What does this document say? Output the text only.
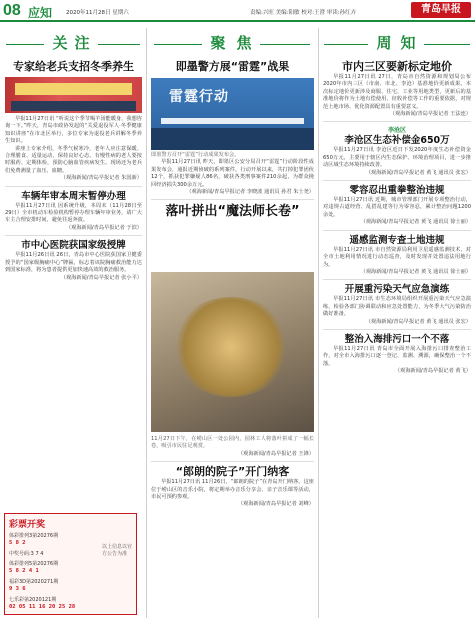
08 应知	2020年11月28日 星期六	责编:兴旺 美编:阳敏 校对:王澄 审读:孙红卉	青岛早报
关 注	聚 焦	周 知
专家给老兵支招冬季养生

早报11月27日讯 “听说这个季节喝羊汤能暖身，我想咨询一下。”昨天，青岛市政协发起的“关爱退役军人·冬季健康知识讲座”在市北区举行，多位专家为退役老兵讲解冬季养生知识。

讲座上专家介绍，冬季气候寒冷，老年人应注意保暖、合理膳食、适量运动，保持良好心态。有慢性病的老人要按时服药、定期体检，预防心脑血管疾病发生。现场还为老兵们免费测量了血压、血糖。

（观海新闻/青岛早报记者 朱国新）

车辆年审本周末暂停办理

早报11月27日讯 因系统升级，本周末（11月28日至29日）全市机动车检验机构暂停办理车辆年审业务，请广大车主合理安排时间，避免往返奔波。

（观海新闻/青岛早报记者 于滨）

市中心医院获国家级授牌

早报11月26日讯 26日，青岛市中心医院获国家卫健委授予的“国家级胸痛中心”牌匾，标志着该院胸痛救治能力达到国家标准，将为患者提供更加快速高效的救治服务。

（观海新闻/青岛早报记者 张小平）

彩票开奖
体彩排列3第20276期
5 8 2
中奖号码:3 7 4
体彩排列5第20276期
5 8 2 4 1
福彩3D第2020271期
9 3 6
七乐彩第2020121期
02 05 11 16 20 25 28
以上信息以官方公告为准
即墨警方展“雷霆”战果
雷霆行动

即墨警方召开“雷霆”行动成果发布会。

早报11月27日讯 昨天，即墨区公安分局召开“雷霆”行动阶段性成果发布会，通报近期侦破的系列案件。行动开展以来，共打掉犯罪团伙12个，抓获犯罪嫌疑人86名，破获各类刑事案件210余起，为群众挽回经济损失300余万元。

（观海新闻/青岛早报记者 李晓波 通讯员 孙君 朱士尧）

落叶拼出“魔法师长卷”

11月27日下午，在崂山区一处公园内，园林工人将落叶拼成了一幅长卷，吸引市民驻足观赏。

（观海新闻/青岛早报记者 王锋）

“郎朗的院子”开门纳客

早报11月27日讯 11月26日，“郎朗的院子”在青岛开门纳客。这座位于崂山区的音乐小院，将定期举办音乐分享会、亲子音乐课等活动，市民可预约参观。

（观海新闻/青岛早报记者 刘峰）

市内三区要新标定地价

早报11月27日讯 27日，青岛市自然资源和规划局公布2020年市内三区（市南、市北、李沧）基准地价更新成果。本次标定地价更新涉及商服、住宅、工业等用地类型，更新后的基准地价将作为土地有偿使用、征收补偿等工作的重要依据，对规范土地市场、优化资源配置具有重要意义。

（观海新闻/青岛早报记者 王法连）

李沧区
李沧区生态补偿金650万

早报11月27日讯 李沧区近日下发2020年度生态补偿资金650万元，主要用于辖区内生态保护、环境治理项目，进一步推动区域生态环境持续改善。

（观海新闻/青岛早报记者 黄飞 通讯员 张宏）

零容忍出重拳整治违规

早报11月27日讯 近期，城市管理部门开展专项整治行动，对违规占道经营、乱搭乱建等行为零容忍，累计整治问题1200余处。

（观海新闻/青岛早报记者 黄飞 通讯员 徐士丽）

遥感监测专查土地违规

早报11月27日讯 市自然资源局利用卫星遥感监测技术，对全市土地利用情况进行动态巡查，及时发现并处置违法用地行为。

（观海新闻/青岛早报记者 黄飞 通讯员 徐士丽）

开展重污染天气应急演练

早报11月27日讯 市生态环境局组织开展重污染天气应急演练，检验各部门协调联动和应急处置能力，为冬季大气污染防治做好准备。

（观海新闻/青岛早报记者 黄飞 通讯员 张宏）

整治入海排污口一个不落

早报11月27日讯 青岛市全面开展入海排污口排查整治工作，对全市入海排污口逐一登记、监测、溯源，确保整治一个不落。

（观海新闻/青岛早报记者 黄飞）
